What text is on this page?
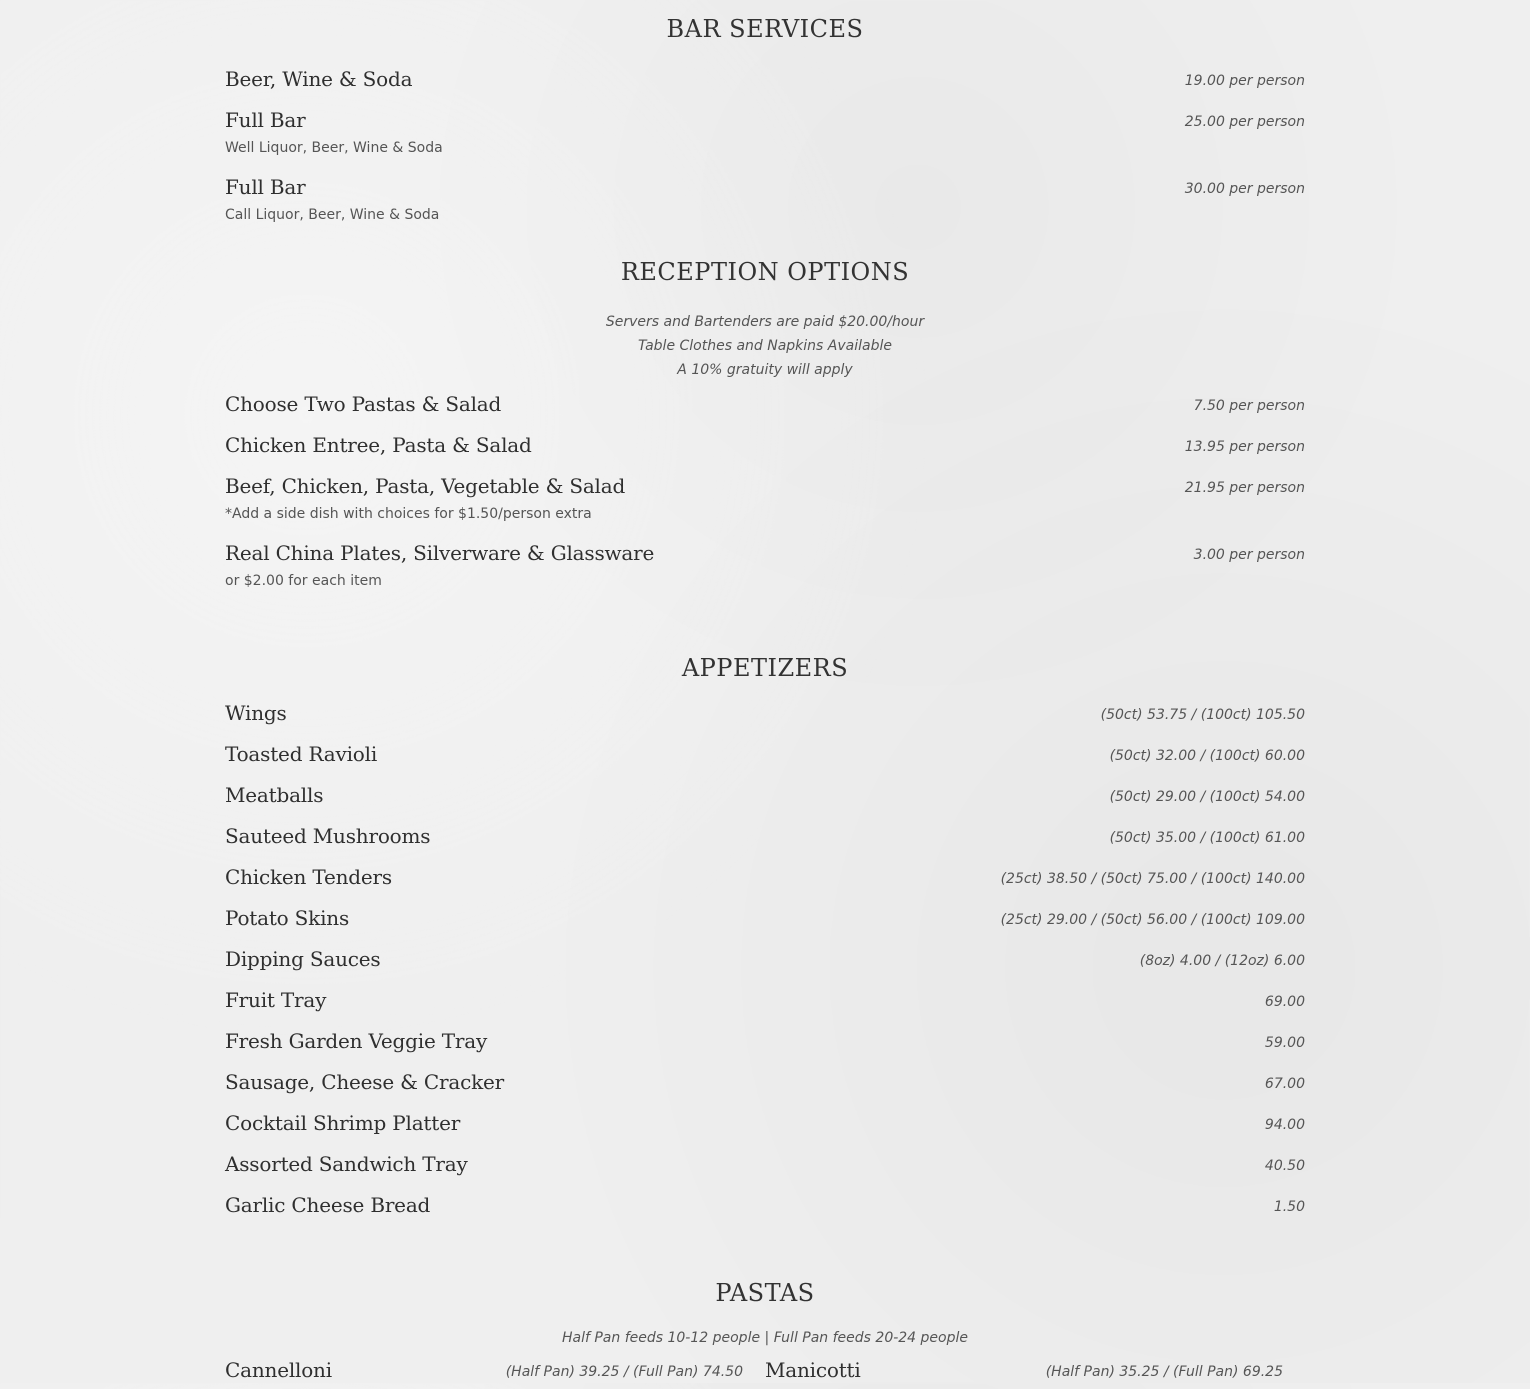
BAR SERVICES
Beer, Wine & Soda	19.00 per person
Full Bar	25.00 per person
Well Liquor, Beer, Wine & Soda
Full Bar	30.00 per person
Call Liquor, Beer, Wine & Soda
RECEPTION OPTIONS
Servers and Bartenders are paid $20.00/hour
Table Clothes and Napkins Available
A 10% gratuity will apply
Choose Two Pastas & Salad	7.50 per person
Chicken Entree, Pasta & Salad	13.95 per person
Beef, Chicken, Pasta, Vegetable & Salad	21.95 per person
*Add a side dish with choices for $1.50/person extra
Real China Plates, Silverware & Glassware	3.00 per person
or $2.00 for each item
APPETIZERS
Wings	(50ct) 53.75 / (100ct) 105.50
Toasted Ravioli	(50ct) 32.00 / (100ct) 60.00
Meatballs	(50ct) 29.00 / (100ct) 54.00
Sauteed Mushrooms	(50ct) 35.00 / (100ct) 61.00
Chicken Tenders	(25ct) 38.50 / (50ct) 75.00 / (100ct) 140.00
Potato Skins	(25ct) 29.00 / (50ct) 56.00 / (100ct) 109.00
Dipping Sauces	(8oz) 4.00 / (12oz) 6.00
Fruit Tray	69.00
Fresh Garden Veggie Tray	59.00
Sausage, Cheese & Cracker	67.00
Cocktail Shrimp Platter	94.00
Assorted Sandwich Tray	40.50
Garlic Cheese Bread	1.50
PASTAS
Half Pan feeds 10-12 people | Full Pan feeds 20-24 people
Cannelloni	(Half Pan) 39.25 / (Full Pan) 74.50 Manicotti	(Half Pan) 35.25 / (Full Pan) 69.25
